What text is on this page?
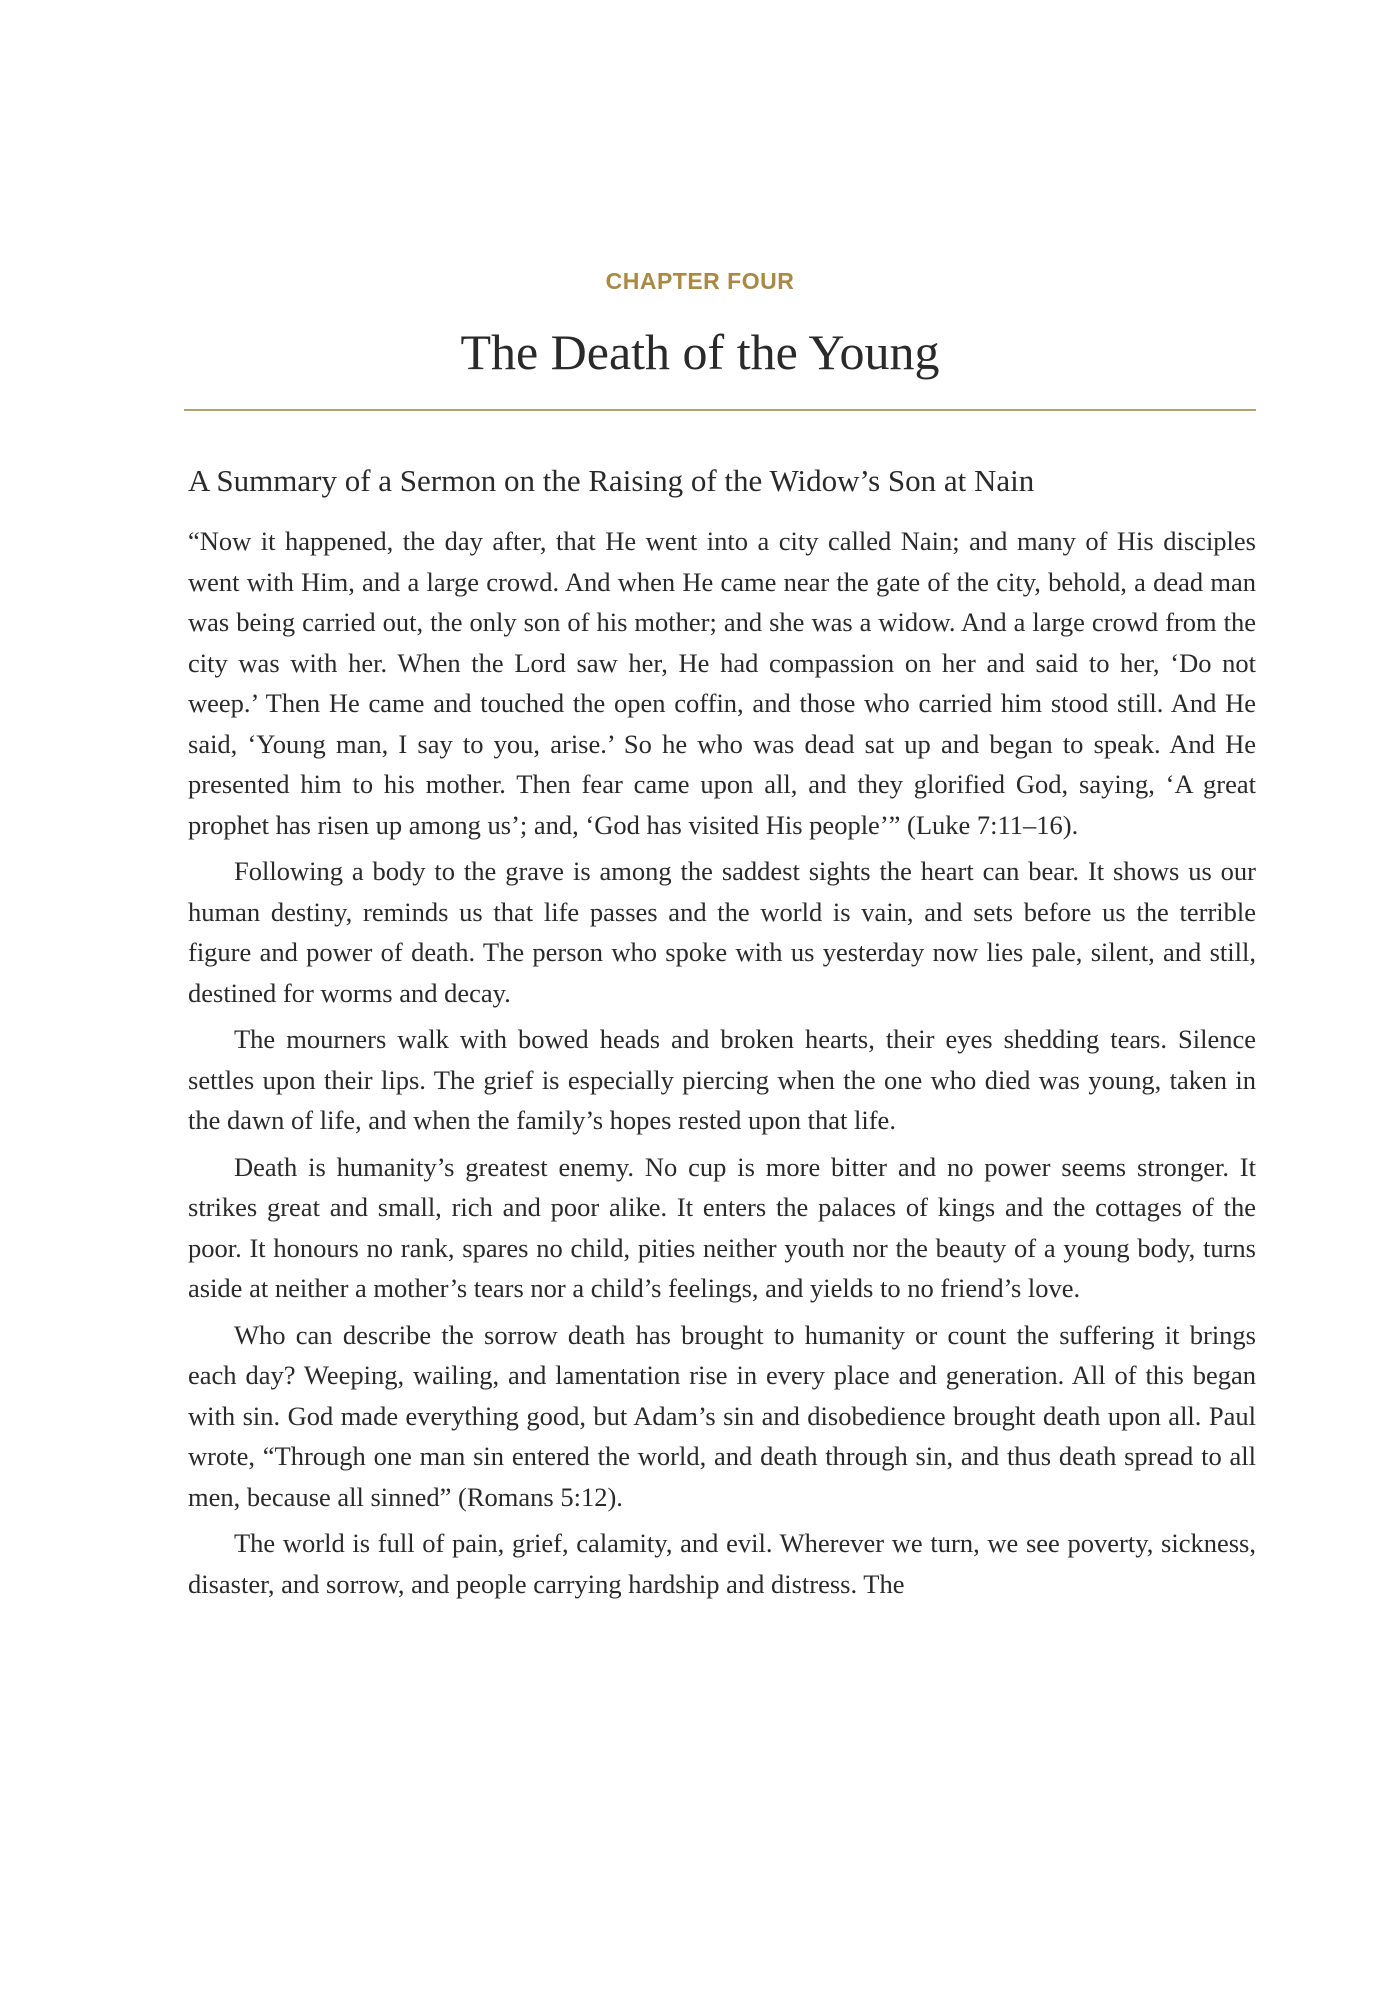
CHAPTER FOUR
The Death of the Young
A Summary of a Sermon on the Raising of the Widow’s Son at Nain

“Now it happened, the day after, that He went into a city called Nain; and many of His disciples went with Him, and a large crowd. And when He came near the gate of the city, behold, a dead man was being carried out, the only son of his mother; and she was a widow. And a large crowd from the city was with her. When the Lord saw her, He had compassion on her and said to her, ‘Do not weep.’ Then He came and touched the open coffin, and those who carried him stood still. And He said, ‘Young man, I say to you, arise.’ So he who was dead sat up and began to speak. And He presented him to his mother. Then fear came upon all, and they glorified God, saying, ‘A great prophet has risen up among us’; and, ‘God has visited His people’” (Luke 7:11–16).

Following a body to the grave is among the saddest sights the heart can bear. It shows us our human destiny, reminds us that life passes and the world is vain, and sets before us the terrible figure and power of death. The person who spoke with us yesterday now lies pale, silent, and still, destined for worms and decay.

The mourners walk with bowed heads and broken hearts, their eyes shedding tears. Silence settles upon their lips. The grief is especially piercing when the one who died was young, taken in the dawn of life, and when the family’s hopes rested upon that life.

Death is humanity’s greatest enemy. No cup is more bitter and no power seems stronger. It strikes great and small, rich and poor alike. It enters the palaces of kings and the cottages of the poor. It honours no rank, spares no child, pities neither youth nor the beauty of a young body, turns aside at neither a mother’s tears nor a child’s feelings, and yields to no friend’s love.

Who can describe the sorrow death has brought to humanity or count the suffering it brings each day? Weeping, wailing, and lamentation rise in every place and generation. All of this began with sin. God made everything good, but Adam’s sin and disobedience brought death upon all. Paul wrote, “Through one man sin entered the world, and death through sin, and thus death spread to all men, because all sinned” (Romans 5:12).

The world is full of pain, grief, calamity, and evil. Wherever we turn, we see poverty, sickness, disaster, and sorrow, and people carrying hardship and distress. The
